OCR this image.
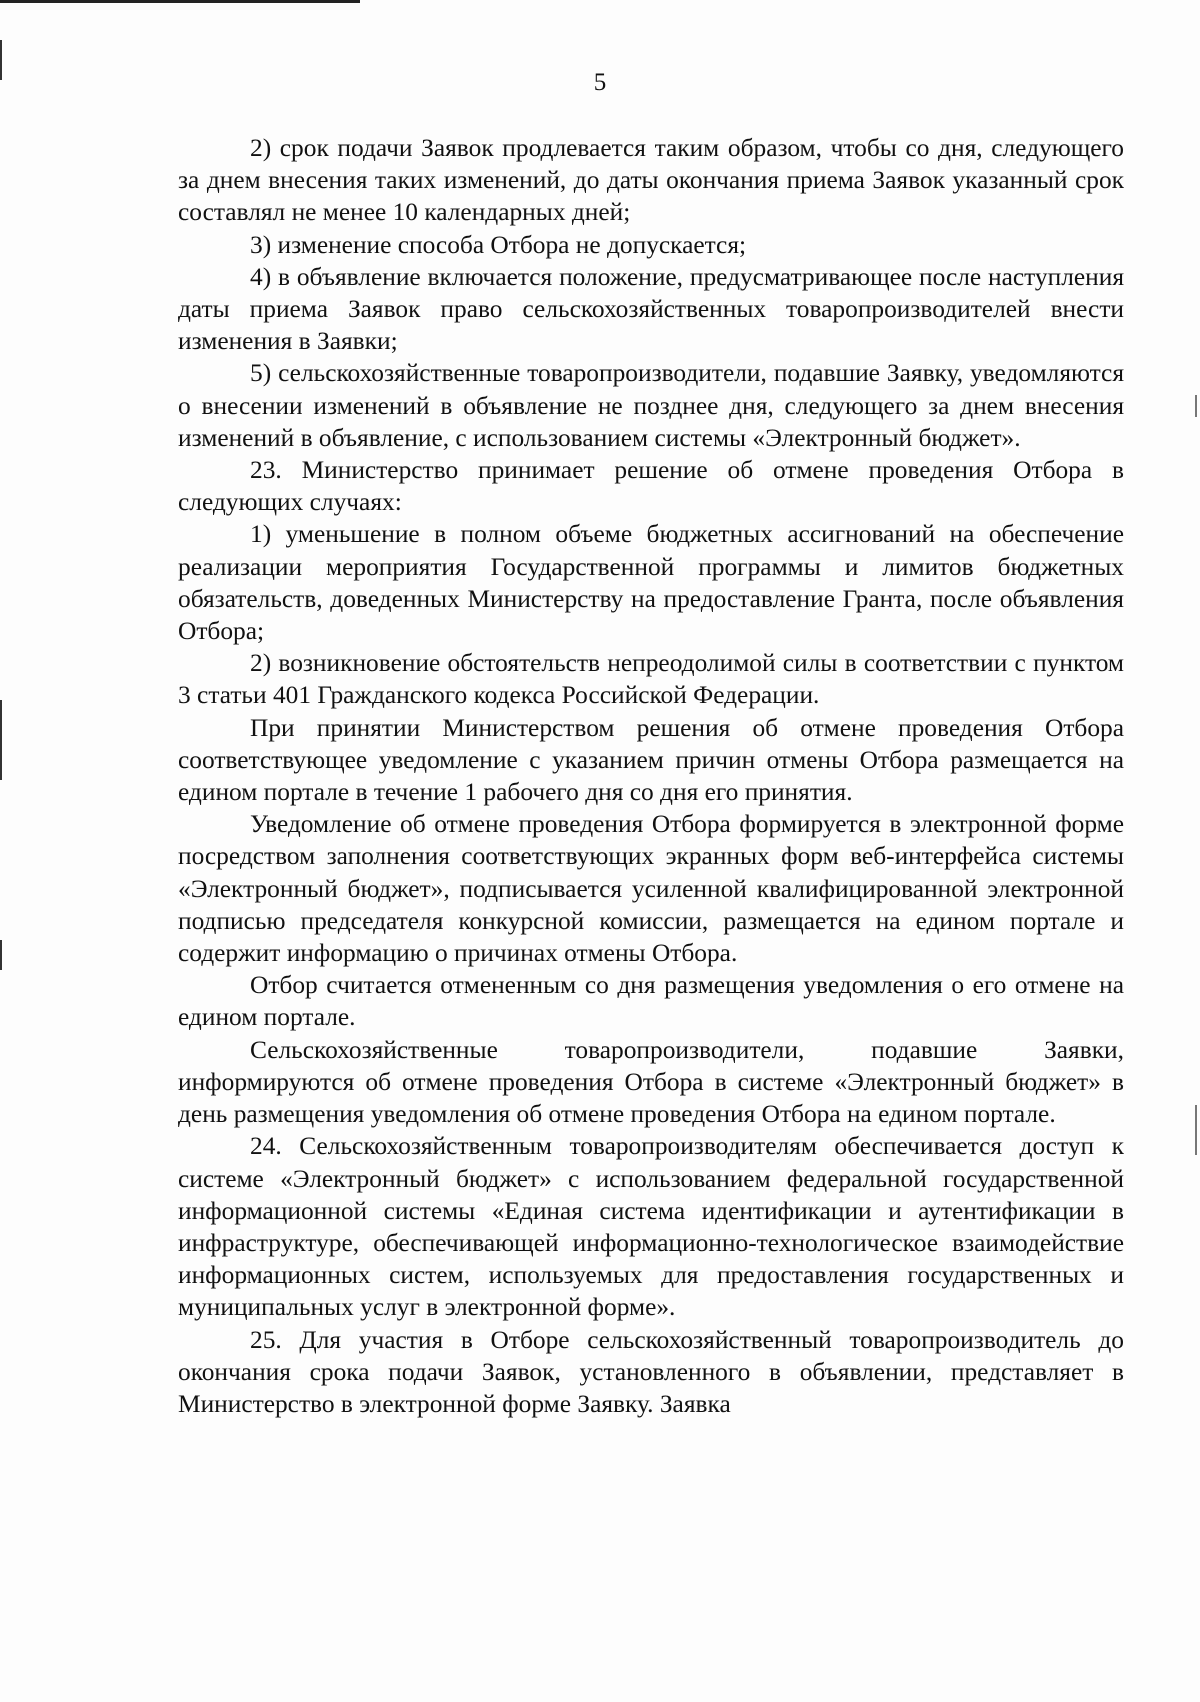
5

2) срок подачи Заявок продлевается таким образом, чтобы со дня, следующего за днем внесения таких изменений, до даты окончания приема Заявок указанный срок составлял не менее 10 календарных дней;

3) изменение способа Отбора не допускается;

4) в объявление включается положение, предусматривающее после наступления даты приема Заявок право сельскохозяйственных товаропроизводителей внести изменения в Заявки;

5) сельскохозяйственные товаропроизводители, подавшие Заявку, уведомляются о внесении изменений в объявление не позднее дня, следующего за днем внесения изменений в объявление, с использованием системы «Электронный бюджет».

23. Министерство принимает решение об отмене проведения Отбора в следующих случаях:

1) уменьшение в полном объеме бюджетных ассигнований на обеспечение реализации мероприятия Государственной программы и лимитов бюджетных обязательств, доведенных Министерству на предоставление Гранта, после объявления Отбора;

2) возникновение обстоятельств непреодолимой силы в соответствии с пунктом 3 статьи 401 Гражданского кодекса Российской Федерации.

При принятии Министерством решения об отмене проведения Отбора соответствующее уведомление с указанием причин отмены Отбора размещается на едином портале в течение 1 рабочего дня со дня его принятия.

Уведомление об отмене проведения Отбора формируется в электронной форме посредством заполнения соответствующих экранных форм веб-интерфейса системы «Электронный бюджет», подписывается усиленной квалифицированной электронной подписью председателя конкурсной комиссии, размещается на едином портале и содержит информацию о причинах отмены Отбора.

Отбор считается отмененным со дня размещения уведомления о его отмене на едином портале.

Сельскохозяйственные товаропроизводители, подавшие Заявки, информируются об отмене проведения Отбора в системе «Электронный бюджет» в день размещения уведомления об отмене проведения Отбора на едином портале.

24. Сельскохозяйственным товаропроизводителям обеспечивается доступ к системе «Электронный бюджет» с использованием федеральной государственной информационной системы «Единая система идентификации и аутентификации в инфраструктуре, обеспечивающей информационно-технологическое взаимодействие информационных систем, используемых для предоставления государственных и муниципальных услуг в электронной форме».

25. Для участия в Отборе сельскохозяйственный товаропроизводитель до окончания срока подачи Заявок, установленного в объявлении, представляет в Министерство в электронной форме Заявку. Заявка
